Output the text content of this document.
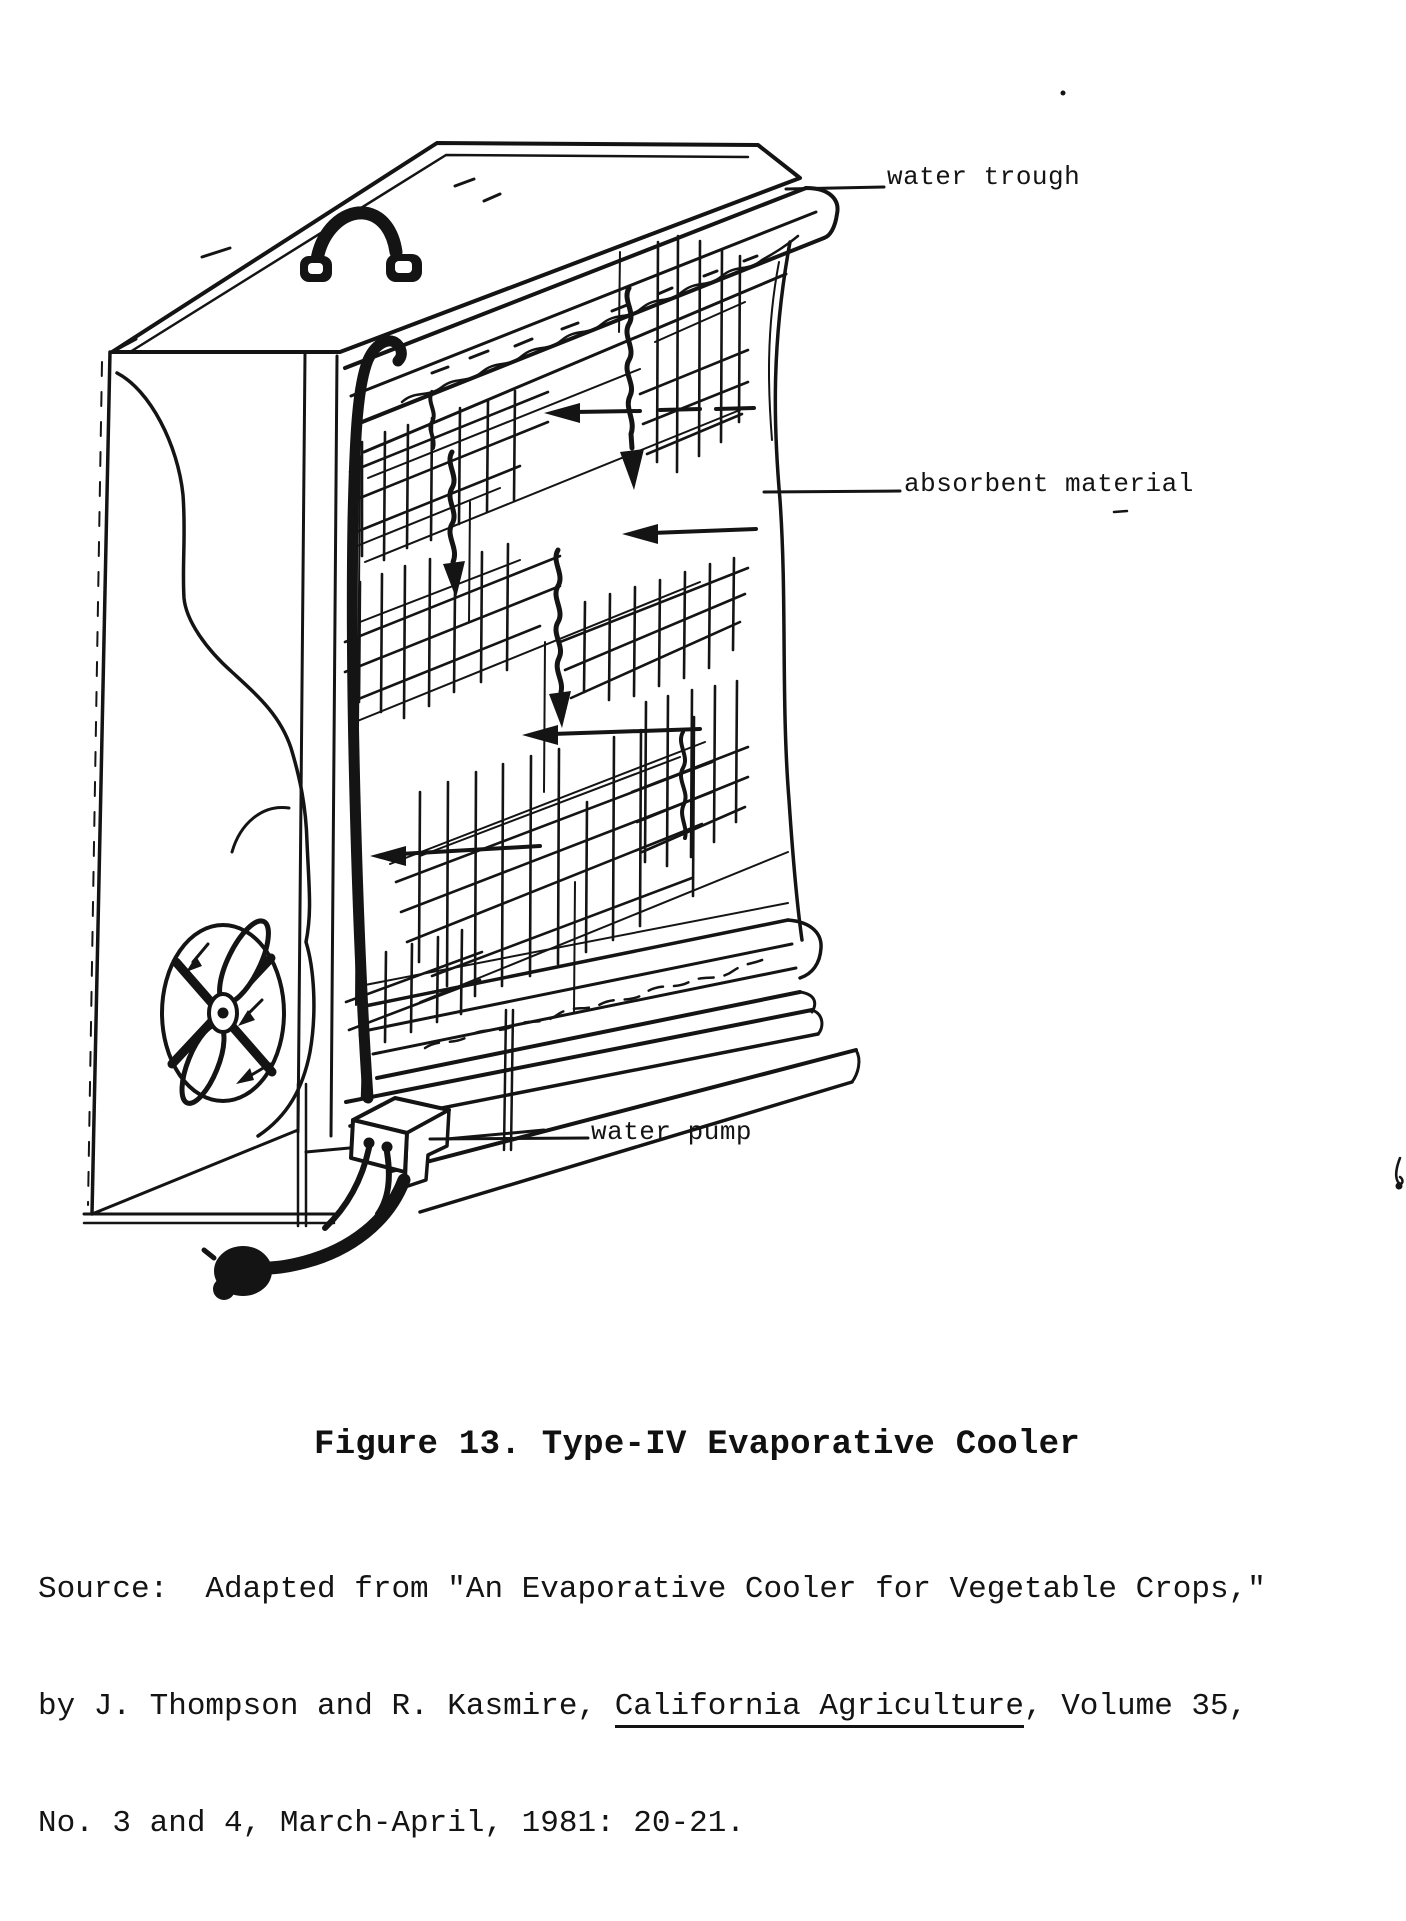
water trough
absorbent material
water pump
Figure 13. Type-IV Evaporative Cooler

Source:  Adapted from "An Evaporative Cooler for Vegetable Crops,"

by J. Thompson and R. Kasmire, California Agriculture, Volume 35,

No. 3 and 4, March-April, 1981: 20-21.
